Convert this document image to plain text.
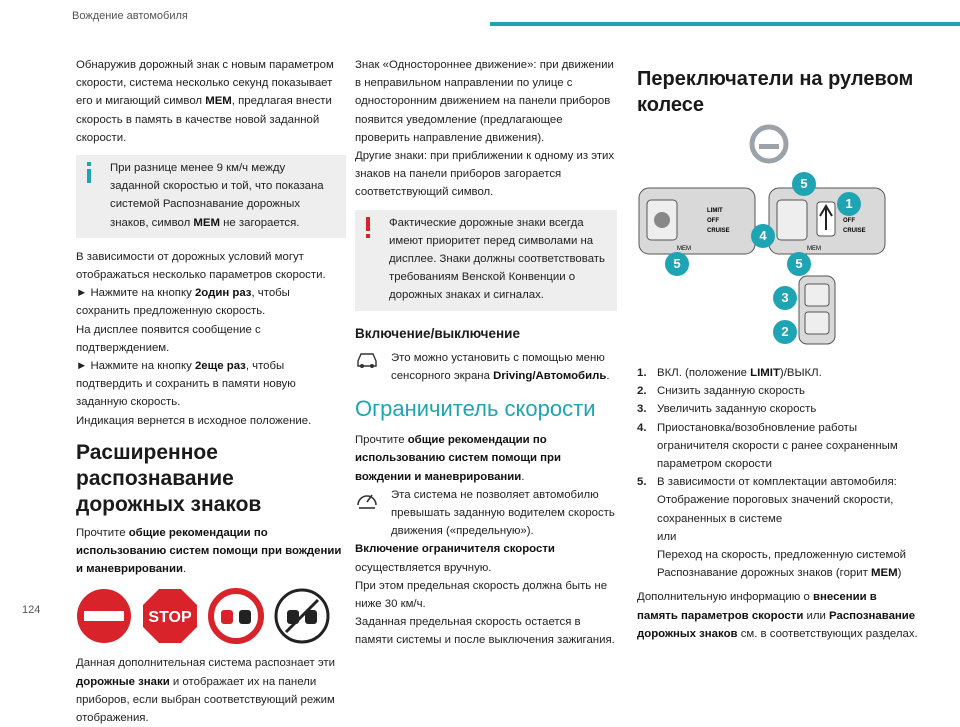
Вождение автомобиля
124

Обнаружив дорожный знак с новым параметром скорости, система несколько секунд показывает его и мигающий символ MEM, предлагая внести скорость в память в качестве новой заданной скорости.

При разнице менее 9 км/ч между заданной скоростью и той, что показана системой Распознавание дорожных знаков, символ MEM не загорается.

В зависимости от дорожных условий могут отображаться несколько параметров скорости.

► Нажмите на кнопку 2один раз, чтобы сохранить предложенную скорость.

На дисплее появится сообщение с подтверждением.

► Нажмите на кнопку 2еще раз, чтобы подтвердить и сохранить в памяти новую заданную скорость.

Индикация вернется в исходное положение.

Расширенное распознавание дорожных знаков

Прочтите общие рекомендации по использованию систем помощи при вождении и маневрировании.

STOP

Данная дополнительная система распознает эти дорожные знаки и отображает их на панели приборов, если выбран соответствующий режим отображения.

Знак «Одностороннее движение»: при движении в неправильном направлении по улице с односторонним движением на панели приборов появится уведомление (предлагающее проверить направление движения).

Другие знаки: при приближении к одному из этих знаков на панели приборов загорается соответствующий символ.

Фактические дорожные знаки всегда имеют приоритет перед символами на дисплее. Знаки должны соответствовать требованиям Венской Конвенции о дорожных знаках и сигналах.

Включение/выключение

Это можно установить с помощью меню сенсорного экрана Driving/Автомобиль.

Ограничитель скорости

Прочтите общие рекомендации по использованию систем помощи при вождении и маневрировании.

Эта система не позволяет автомобилю превышать заданную водителем скорость движения («предельную»).

Включение ограничителя скорости

осуществляется вручную.

При этом предельная скорость должна быть не ниже 30 км/ч.

Заданная предельная скорость остается в памяти системы и после выключения зажигания.

Переключатели на рулевом колесе
LIMIT
OFF
CRUISE
MEM
OFF
CRUISE
MEM
5
1
4
5	5
3
2
1. ВКЛ. (положение LIMIT)/ВЫКЛ.
2. Снизить заданную скорость
3. Увеличить заданную скорость
4. Приостановка/возобновление работы ограничителя скорости с ранее сохраненным параметром скорости
5. В зависимости от комплектации автомобиля: Отображение пороговых значений скорости, сохраненных в системе
или
Переход на скорость, предложенную системой Распознавание дорожных знаков (горит MEM)

Дополнительную информацию о внесении в память параметров скорости или Распознавание дорожных знаков см. в соответствующих разделах.
